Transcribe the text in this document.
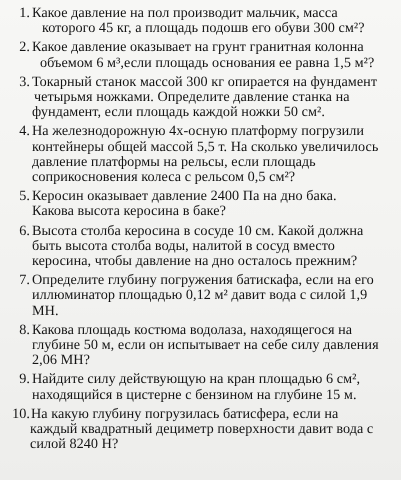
1. Какое давление на пол производит мальчик, масса
которого 45 кг, а площадь подошв его обуви 300 см²?
2. Какое давление оказывает на грунт гранитная колонна
объемом 6 м³,если площадь основания ее равна 1,5 м²?
3. Токарный станок массой 300 кг опирается на фундамент
четырьмя ножками. Определите давление станка на
фундамент, если площадь каждой ножки 50 см².
4. На железнодорожную 4х-осную платформу погрузили
контейнеры общей массой 5,5 т. На сколько увеличилось
давление платформы на рельсы, если площадь
соприкосновения колеса с рельсом 0,5 см²?
5. Керосин оказывает давление 2400 Па на дно бака.
Какова высота керосина в баке?
6. Высота столба керосина в сосуде 10 см. Какой должна
быть высота столба воды, налитой в сосуд вместо
керосина, чтобы давление на дно осталось прежним?
7. Определите глубину погружения батискафа, если на его
иллюминатор площадью 0,12 м² давит вода с силой 1,9
МН.
8. Какова площадь костюма водолаза, находящегося на
глубине 50 м, если он испытывает на себе силу давления
2,06 МН?
9. Найдите силу действующую на кран площадью 6 см²,
находящийся в цистерне с бензином на глубине 15 м.
10. На какую глубину погрузилась батисфера, если на
каждый квадратный дециметр поверхности давит вода с
силой 8240 Н?
